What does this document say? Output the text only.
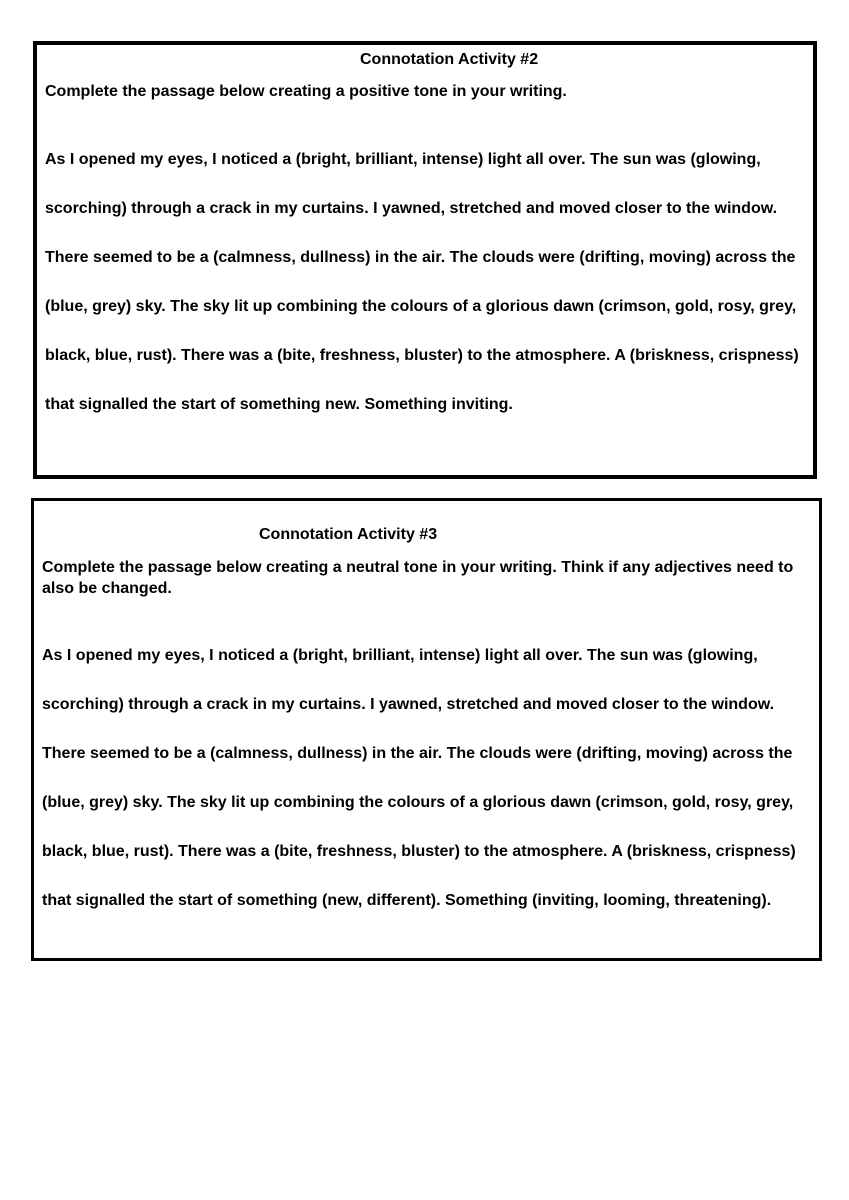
Connotation Activity #2
Complete the passage below creating a positive tone in your writing.
As I opened my eyes, I noticed a (bright, brilliant, intense) light all over. The sun was (glowing,
scorching) through a crack in my curtains. I yawned, stretched and moved closer to the window.
There seemed to be a (calmness, dullness) in the air. The clouds were (drifting, moving) across the
(blue, grey) sky. The sky lit up combining the colours of a glorious dawn (crimson, gold, rosy, grey,
black, blue, rust). There was a (bite, freshness, bluster) to the atmosphere. A (briskness, crispness)
that signalled the start of something new. Something inviting.
Connotation Activity #3
Complete the passage below creating a neutral tone in your writing. Think if any adjectives need to also be changed.
As I opened my eyes, I noticed a (bright, brilliant, intense) light all over. The sun was (glowing,
scorching) through a crack in my curtains. I yawned, stretched and moved closer to the window.
There seemed to be a (calmness, dullness) in the air. The clouds were (drifting, moving) across the
(blue, grey) sky. The sky lit up combining the colours of a glorious dawn (crimson, gold, rosy, grey,
black, blue, rust). There was a (bite, freshness, bluster) to the atmosphere. A (briskness, crispness)
that signalled the start of something (new, different). Something (inviting, looming, threatening).
